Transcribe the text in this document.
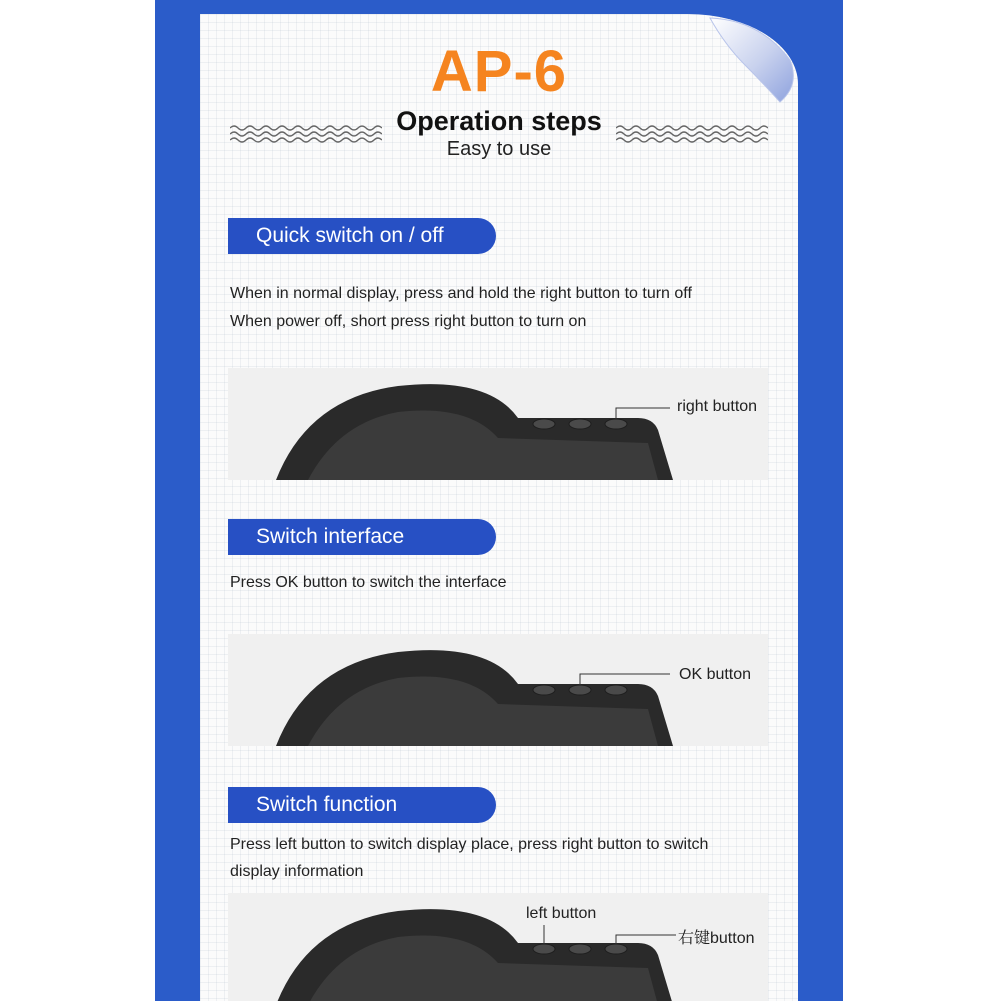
AP-6
Operation steps
Easy to use
Quick switch on / off
When in normal display, press and hold the right button to turn off
When power off, short press right button to turn on
right button
Switch interface
Press OK button to switch the interface
OK button
Switch function
Press left button to switch display place, press right button to switch
display information
left button
右键button
